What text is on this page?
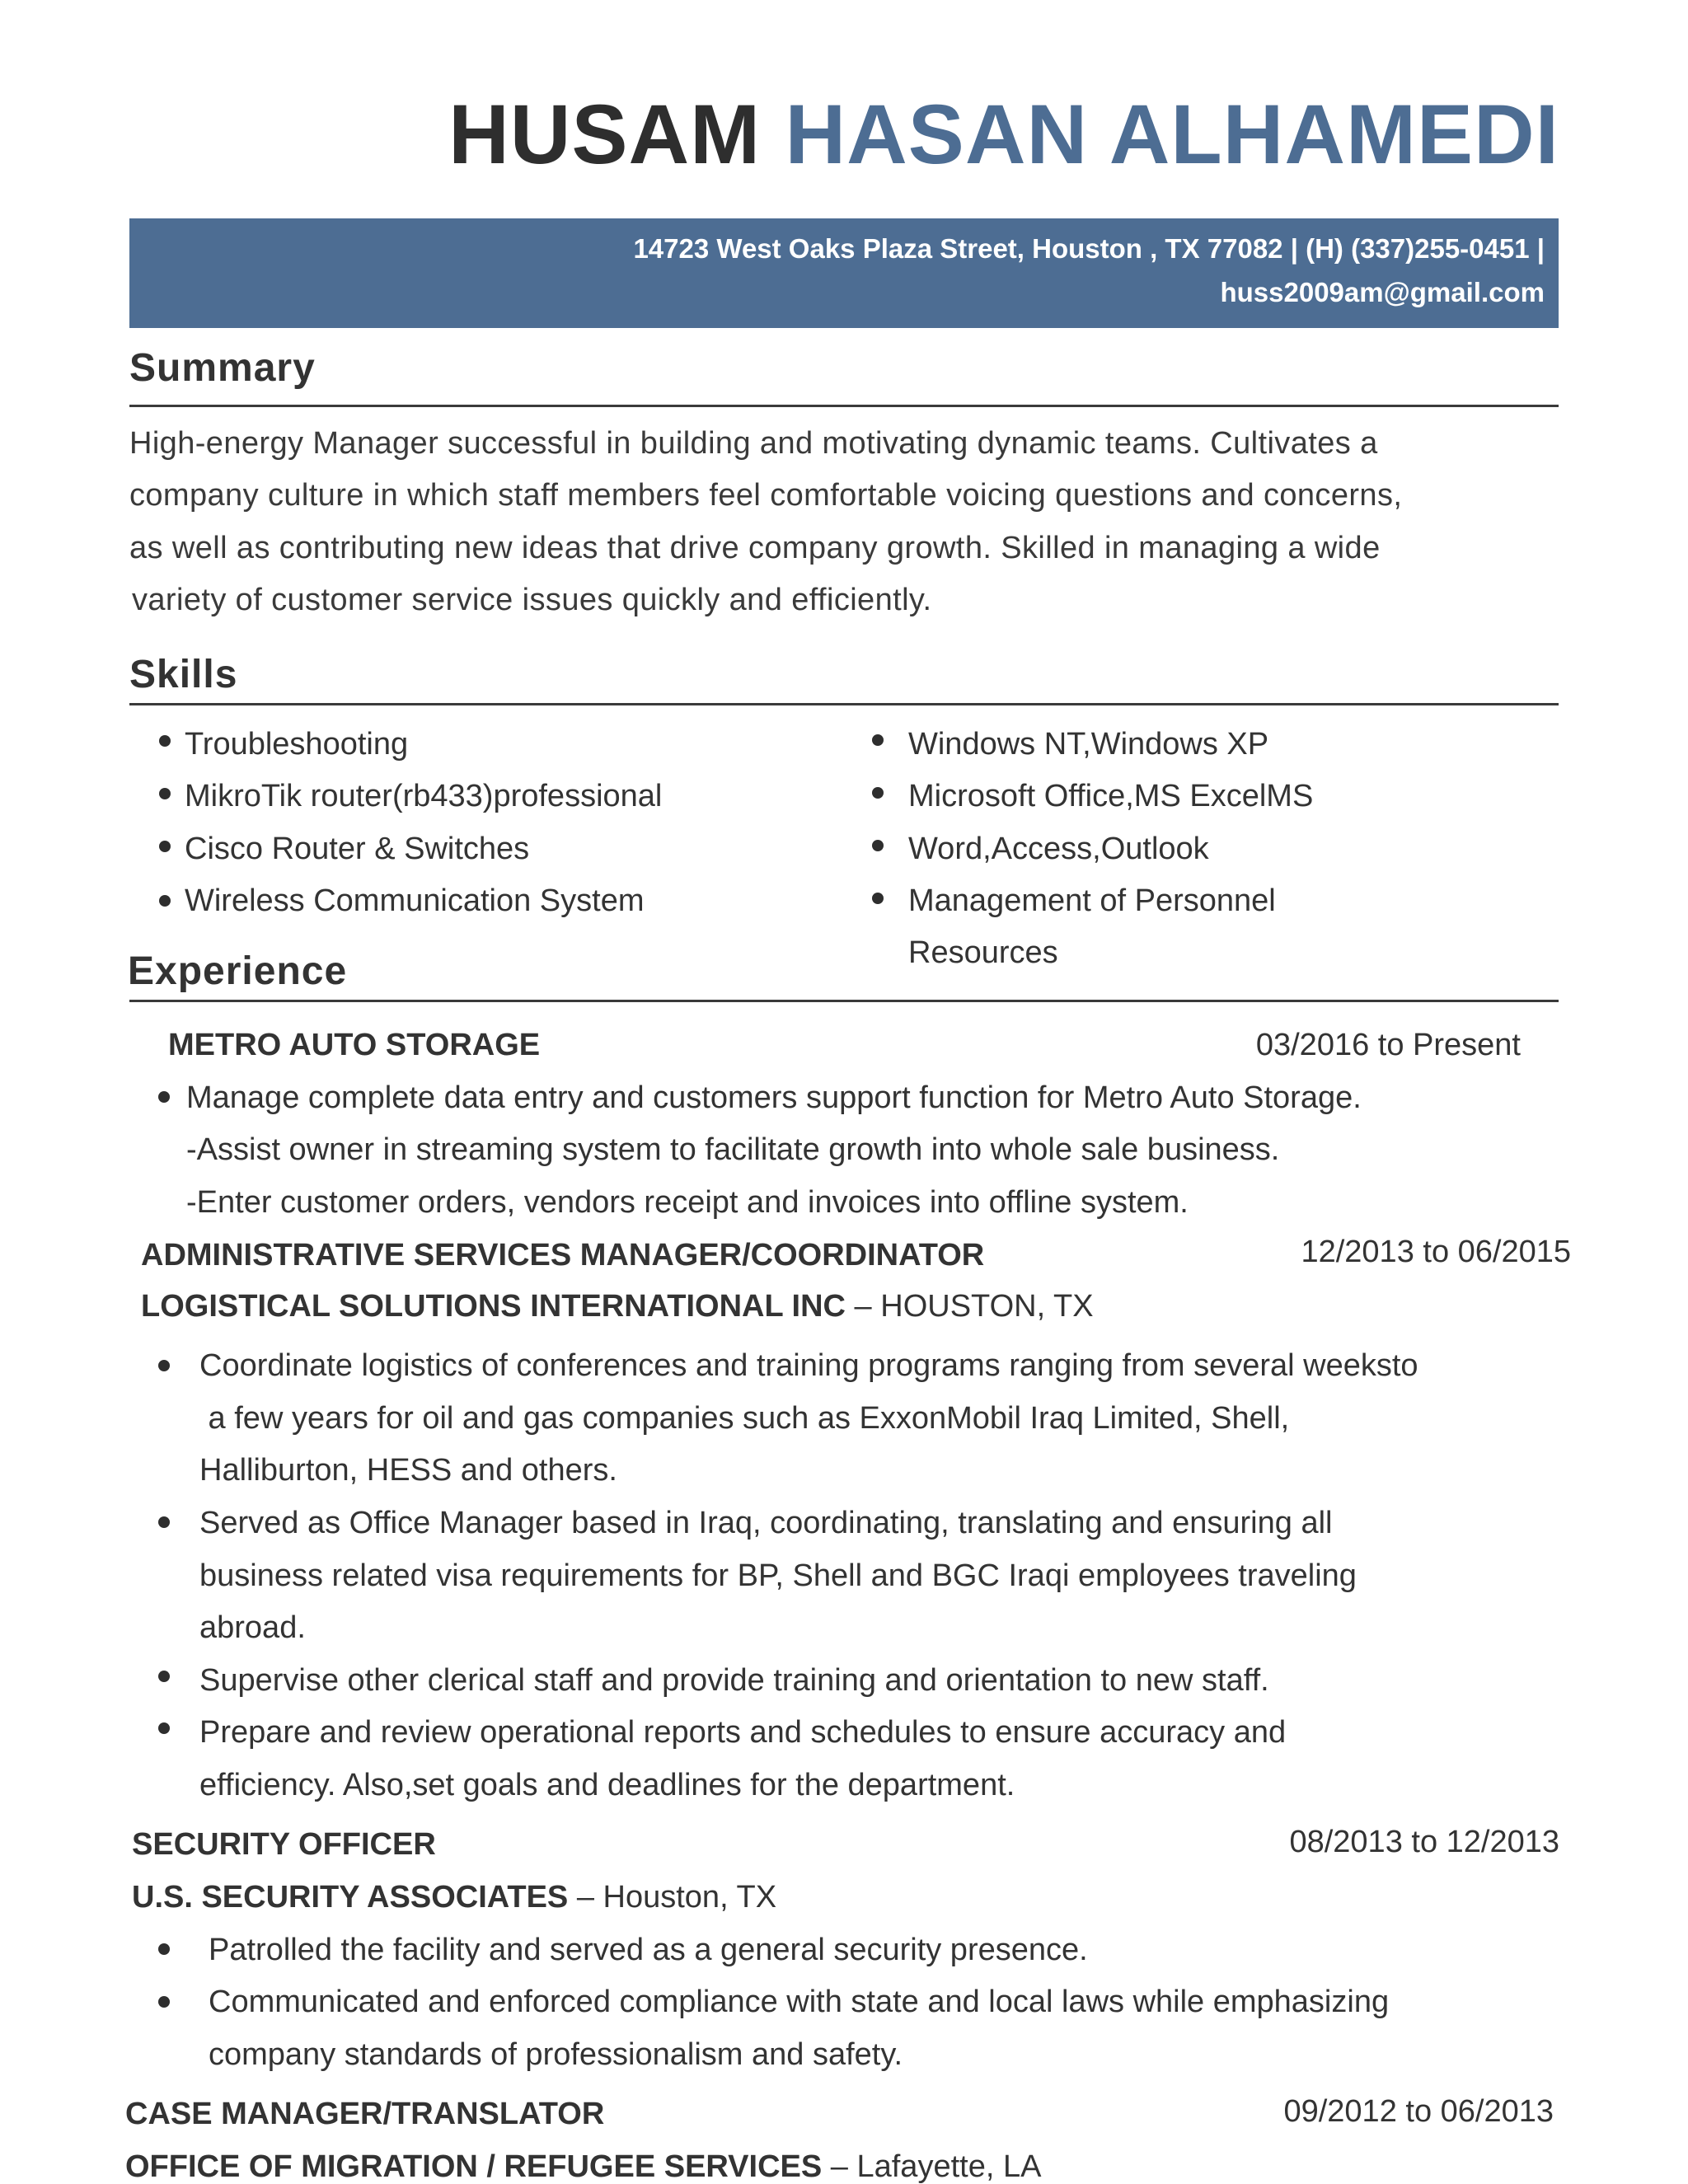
HUSAM HASAN ALHAMEDI
14723 West Oaks Plaza Street, Houston , TX 77082 | (H) (337)255-0451 |
huss2009am@gmail.com
Summary
High-energy Manager successful in building and motivating dynamic teams. Cultivates a
company culture in which staff members feel comfortable voicing questions and concerns,
as well as contributing new ideas that drive company growth. Skilled in managing a wide
variety of customer service issues quickly and efficiently.
Skills
Troubleshooting
MikroTik router(rb433)professional
Cisco Router & Switches
Wireless Communication System
Windows NT,Windows XP
Microsoft Office,MS ExcelMS
Word,Access,Outlook
Management of Personnel
Resources
Experience
METRO AUTO STORAGE	03/2016 to Present
Manage complete data entry and customers support function for Metro Auto Storage.
-Assist owner in streaming system to facilitate growth into whole sale business.
-Enter customer orders, vendors receipt and invoices into offline system.
ADMINISTRATIVE SERVICES MANAGER/COORDINATOR	12/2013 to 06/2015
LOGISTICAL SOLUTIONS INTERNATIONAL INC – HOUSTON, TX
Coordinate logistics of conferences and training programs ranging from several weeksto
a few years for oil and gas companies such as ExxonMobil Iraq Limited, Shell,
Halliburton, HESS and others.
Served as Office Manager based in Iraq, coordinating, translating and ensuring all
business related visa requirements for BP, Shell and BGC Iraqi employees traveling
abroad.
Supervise other clerical staff and provide training and orientation to new staff.
Prepare and review operational reports and schedules to ensure accuracy and
efficiency. Also,set goals and deadlines for the department.
SECURITY OFFICER	08/2013 to 12/2013
U.S. SECURITY ASSOCIATES – Houston, TX
Patrolled the facility and served as a general security presence.
Communicated and enforced compliance with state and local laws while emphasizing
company standards of professionalism and safety.
CASE MANAGER/TRANSLATOR	09/2012 to 06/2013
OFFICE OF MIGRATION / REFUGEE SERVICES – Lafayette, LA
